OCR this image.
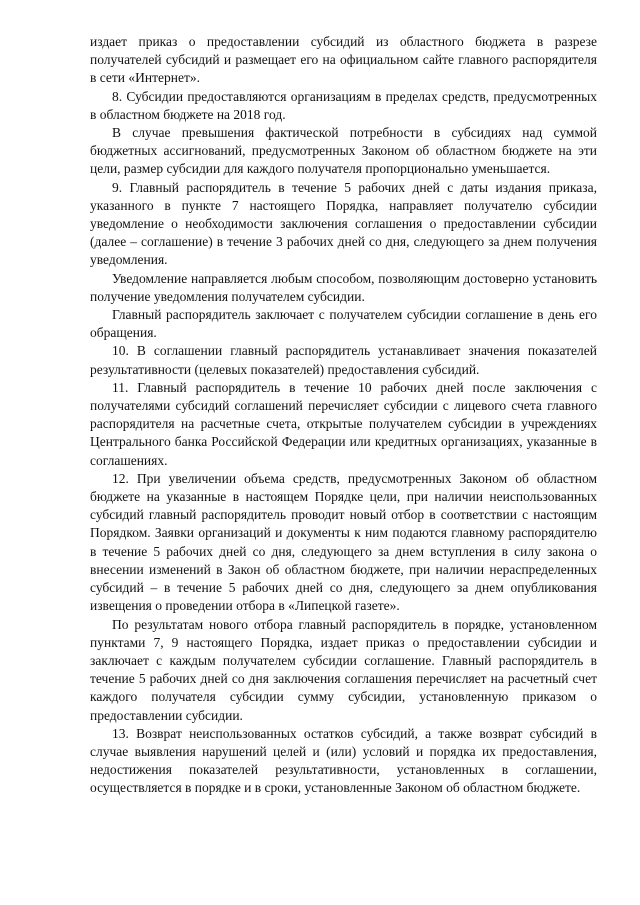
издает приказ о предоставлении субсидий из областного бюджета в разрезе получателей субсидий и размещает его на официальном сайте главного распорядителя в сети «Интернет».

8. Субсидии предоставляются организациям в пределах средств, предусмотренных в областном бюджете на 2018 год.

В случае превышения фактической потребности в субсидиях над суммой бюджетных ассигнований, предусмотренных Законом об областном бюджете на эти цели, размер субсидии для каждого получателя пропорционально уменьшается.

9. Главный распорядитель в течение 5 рабочих дней с даты издания приказа, указанного в пункте 7 настоящего Порядка, направляет получателю субсидии уведомление о необходимости заключения соглашения о предоставлении субсидии (далее – соглашение) в течение 3 рабочих дней со дня, следующего за днем получения уведомления.

Уведомление направляется любым способом, позволяющим достоверно установить получение уведомления получателем субсидии.

Главный распорядитель заключает с получателем субсидии соглашение в день его обращения.

10. В соглашении главный распорядитель устанавливает значения показателей результативности (целевых показателей) предоставления субсидий.

11. Главный распорядитель в течение 10 рабочих дней после заключения с получателями субсидий соглашений перечисляет субсидии с лицевого счета главного распорядителя на расчетные счета, открытые получателем субсидии в учреждениях Центрального банка Российской Федерации или кредитных организациях, указанные в соглашениях.

12. При увеличении объема средств, предусмотренных Законом об областном бюджете на указанные в настоящем Порядке цели, при наличии неиспользованных субсидий главный распорядитель проводит новый отбор в соответствии с настоящим Порядком. Заявки организаций и документы к ним подаются главному распорядителю в течение 5 рабочих дней со дня, следующего за днем вступления в силу закона о внесении изменений в Закон об областном бюджете, при наличии нераспределенных субсидий – в течение 5 рабочих дней со дня, следующего за днем опубликования извещения о проведении отбора в «Липецкой газете».

По результатам нового отбора главный распорядитель в порядке, установленном пунктами 7, 9 настоящего Порядка, издает приказ о предоставлении субсидии и заключает с каждым получателем субсидии соглашение. Главный распорядитель в течение 5 рабочих дней со дня заключения соглашения перечисляет на расчетный счет каждого получателя субсидии сумму субсидии, установленную приказом о предоставлении субсидии.

13. Возврат неиспользованных остатков субсидий, а также возврат субсидий в случае выявления нарушений целей и (или) условий и порядка их предоставления, недостижения показателей результативности, установленных в соглашении, осуществляется в порядке и в сроки, установленные Законом об областном бюджете.
